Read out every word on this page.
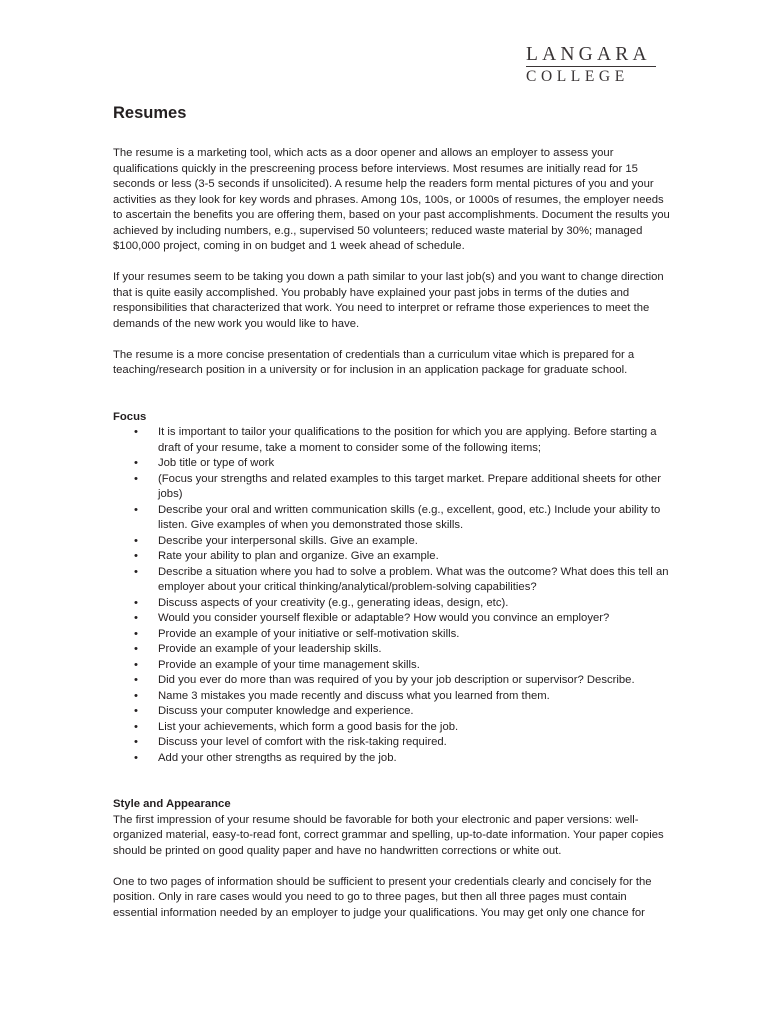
LANGARA
COLLEGE
Resumes

The resume is a marketing tool, which acts as a door opener and allows an employer to assess your qualifications quickly in the prescreening process before interviews. Most resumes are initially read for 15 seconds or less (3-5 seconds if unsolicited). A resume help the readers form mental pictures of you and your activities as they look for key words and phrases. Among 10s, 100s, or 1000s of resumes, the employer needs to ascertain the benefits you are offering them, based on your past accomplishments. Document the results you achieved by including numbers, e.g., supervised 50 volunteers; reduced waste material by 30%; managed $100,000 project, coming in on budget and 1 week ahead of schedule.

If your resumes seem to be taking you down a path similar to your last job(s) and you want to change direction that is quite easily accomplished. You probably have explained your past jobs in terms of the duties and responsibilities that characterized that work. You need to interpret or reframe those experiences to meet the demands of the new work you would like to have.

The resume is a more concise presentation of credentials than a curriculum vitae which is prepared for a teaching/research position in a university or for inclusion in an application package for graduate school.

Focus
• It is important to tailor your qualifications to the position for which you are applying. Before starting a draft of your resume, take a moment to consider some of the following items;
• Job title or type of work
• (Focus your strengths and related examples to this target market. Prepare additional sheets for other jobs)
• Describe your oral and written communication skills (e.g., excellent, good, etc.) Include your ability to listen. Give examples of when you demonstrated those skills.
• Describe your interpersonal skills. Give an example.
• Rate your ability to plan and organize. Give an example.
• Describe a situation where you had to solve a problem. What was the outcome? What does this tell an employer about your critical thinking/analytical/problem-solving capabilities?
• Discuss aspects of your creativity (e.g., generating ideas, design, etc).
• Would you consider yourself flexible or adaptable? How would you convince an employer?
• Provide an example of your initiative or self-motivation skills.
• Provide an example of your leadership skills.
• Provide an example of your time management skills.
• Did you ever do more than was required of you by your job description or supervisor? Describe.
• Name 3 mistakes you made recently and discuss what you learned from them.
• Discuss your computer knowledge and experience.
• List your achievements, which form a good basis for the job.
• Discuss your level of comfort with the risk-taking required.
• Add your other strengths as required by the job.
Style and Appearance

The first impression of your resume should be favorable for both your electronic and paper versions: well-organized material, easy-to-read font, correct grammar and spelling, up-to-date information. Your paper copies should be printed on good quality paper and have no handwritten corrections or white out.

One to two pages of information should be sufficient to present your credentials clearly and concisely for the position. Only in rare cases would you need to go to three pages, but then all three pages must contain essential information needed by an employer to judge your qualifications. You may get only one chance for
